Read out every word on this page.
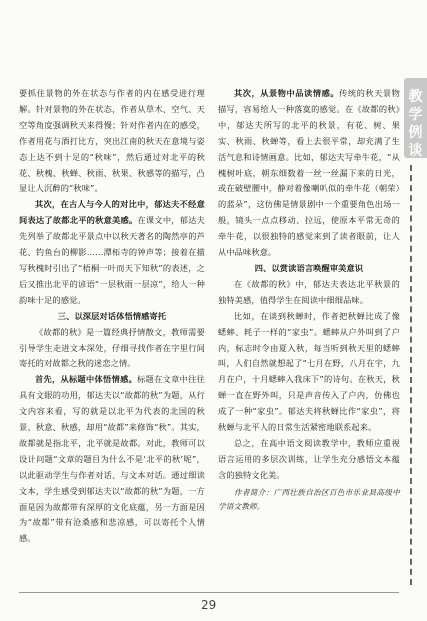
教
学
例
谈

要抓住景物的外在状态与作者的内在感受进行理解。针对景物的外在状态，作者从草木、空气、天空等角度强调秋天来得慢；针对作者内在的感受，作者用花与酒打比方，突出江南的秋天在意境与姿态上达不到十足的“秋味”，然后通过对北平的秋花、秋槐、秋蝉、秋雨、秋果、秋感等的描写，凸显让人沉醉的“秋味”。

其次，在古人与今人的对比中，郁达夫不经意间表达了故都北平的秋意美感。在课文中，郁达夫先列举了故都北平景点中以秋天著名的陶然亭的芦花、钓鱼台的柳影……潭柘寺的钟声等；接着在描写秋槐时引出了“梧桐一叶而天下知秋”的表述，之后又推出北平的谚语“一层秋雨一层凉”，给人一种韵味十足的感觉。

三、以深层对话体悟情感寄托

《故都的秋》是一篇经典抒情散文，教师需要引导学生走进文本深处，仔细寻找作者在字里行间寄托的对故都之秋的迷恋之情。

首先，从标题中体悟情感。标题在文章中往往具有文眼的功用，郁达夫以“故都的秋”为题，从行文内容来看，写的就是以北平为代表的北国的秋景、秋意、秋感，却用“故都”来修饰“秋”。其实，故都就是指北平，北平就是故都。对此，教师可以设计问题“文章的题目为什么不是‘北平的秋’呢”，以此驱动学生与作者对话、与文本对话。通过细读文本，学生感受到郁达夫以“故都的秋”为题，一方面是因为故都带有深厚的文化底蕴，另一方面是因为“故都”带有沧桑感和悲凉感，可以寄托个人情感。

其次，从景物中品读情感。传统的秋天景物描写，容易给人一种落寞的感觉。在《故都的秋》中，郁达夫所写的北平的秋景，有花、树、果实、秋雨、秋蝉等，看上去很平常，却充满了生活气息和诗情画意。比如，郁达夫写牵牛花，“从槐树叶底，朝东细数着一丝一丝漏下来的日光，或在破壁腰中，静对着像喇叭似的牵牛花（朝荣）的蓝朵”，这仿佛是情景剧中一个重要角色出场一般，镜头一点点移动、拉远，使原本平常无奇的牵牛花，以很独特的感觉来到了读者眼前，让人从中品味秋意。

四、以赏读语言唤醒审美意识

在《故都的秋》中，郁达夫表达北平秋景的独特美感，值得学生在阅读中细细品味。

比如，在谈到秋蝉时，作者把秋蝉比成了像蟋蟀、耗子一样的“家虫”。蟋蟀从户外叫到了户内，标志时令由夏入秋，每当听到秋天里的蟋蟀叫，人们自然就想起了“七月在野，八月在宇，九月在户，十月蟋蟀入我床下”的诗句。在秋天，秋蝉一直在野外叫，只是声音传入了户内，仿佛也成了一种“家虫”。郁达夫将秋蝉比作“家虫”，将秋蝉与北平人的日常生活紧密地联系起来。

总之，在高中语文阅读教学中，教师应重视语言运用的多层次训练，让学生充分感悟文本蕴含的独特文化美。

作者简介：广西壮族自治区百色市乐业县高级中学语文教师。

29
